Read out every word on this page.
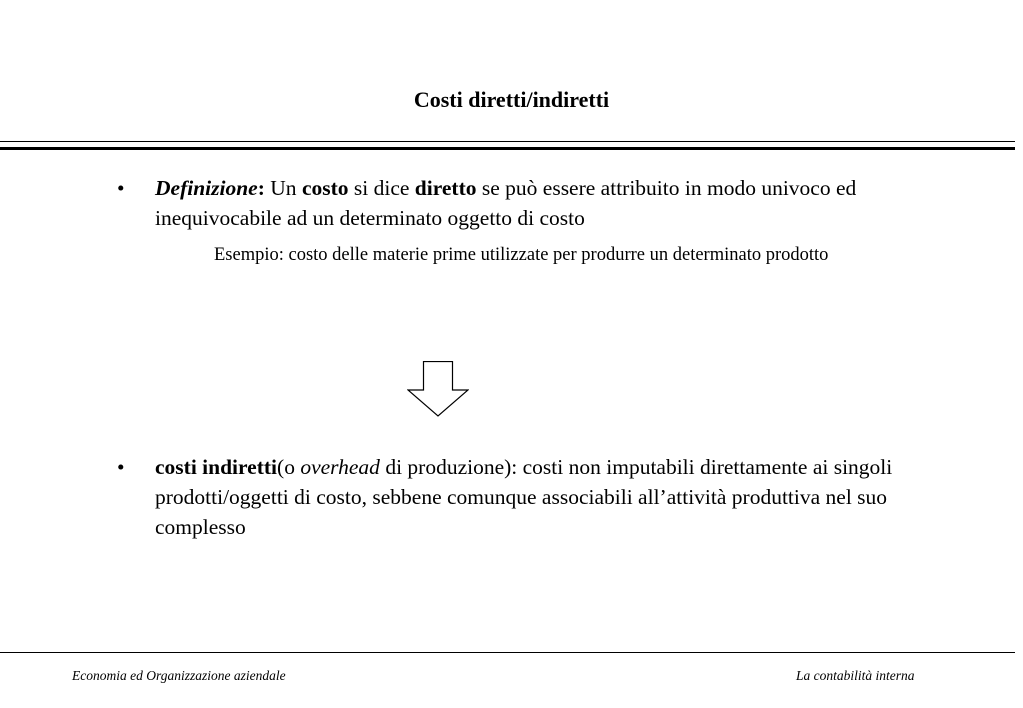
Costi diretti/indiretti
• Definizione: Un costo si dice diretto se può essere attribuito in modo univoco ed inequivocabile ad un determinato oggetto di costo
Esempio: costo delle materie prime utilizzate per produrre un determinato prodotto
• costi indiretti(o overhead di produzione): costi non imputabili direttamente ai singoli prodotti/oggetti di costo, sebbene comunque associabili all’attività produttiva nel suo complesso
Economia ed Organizzazione aziendale	La contabilità interna
